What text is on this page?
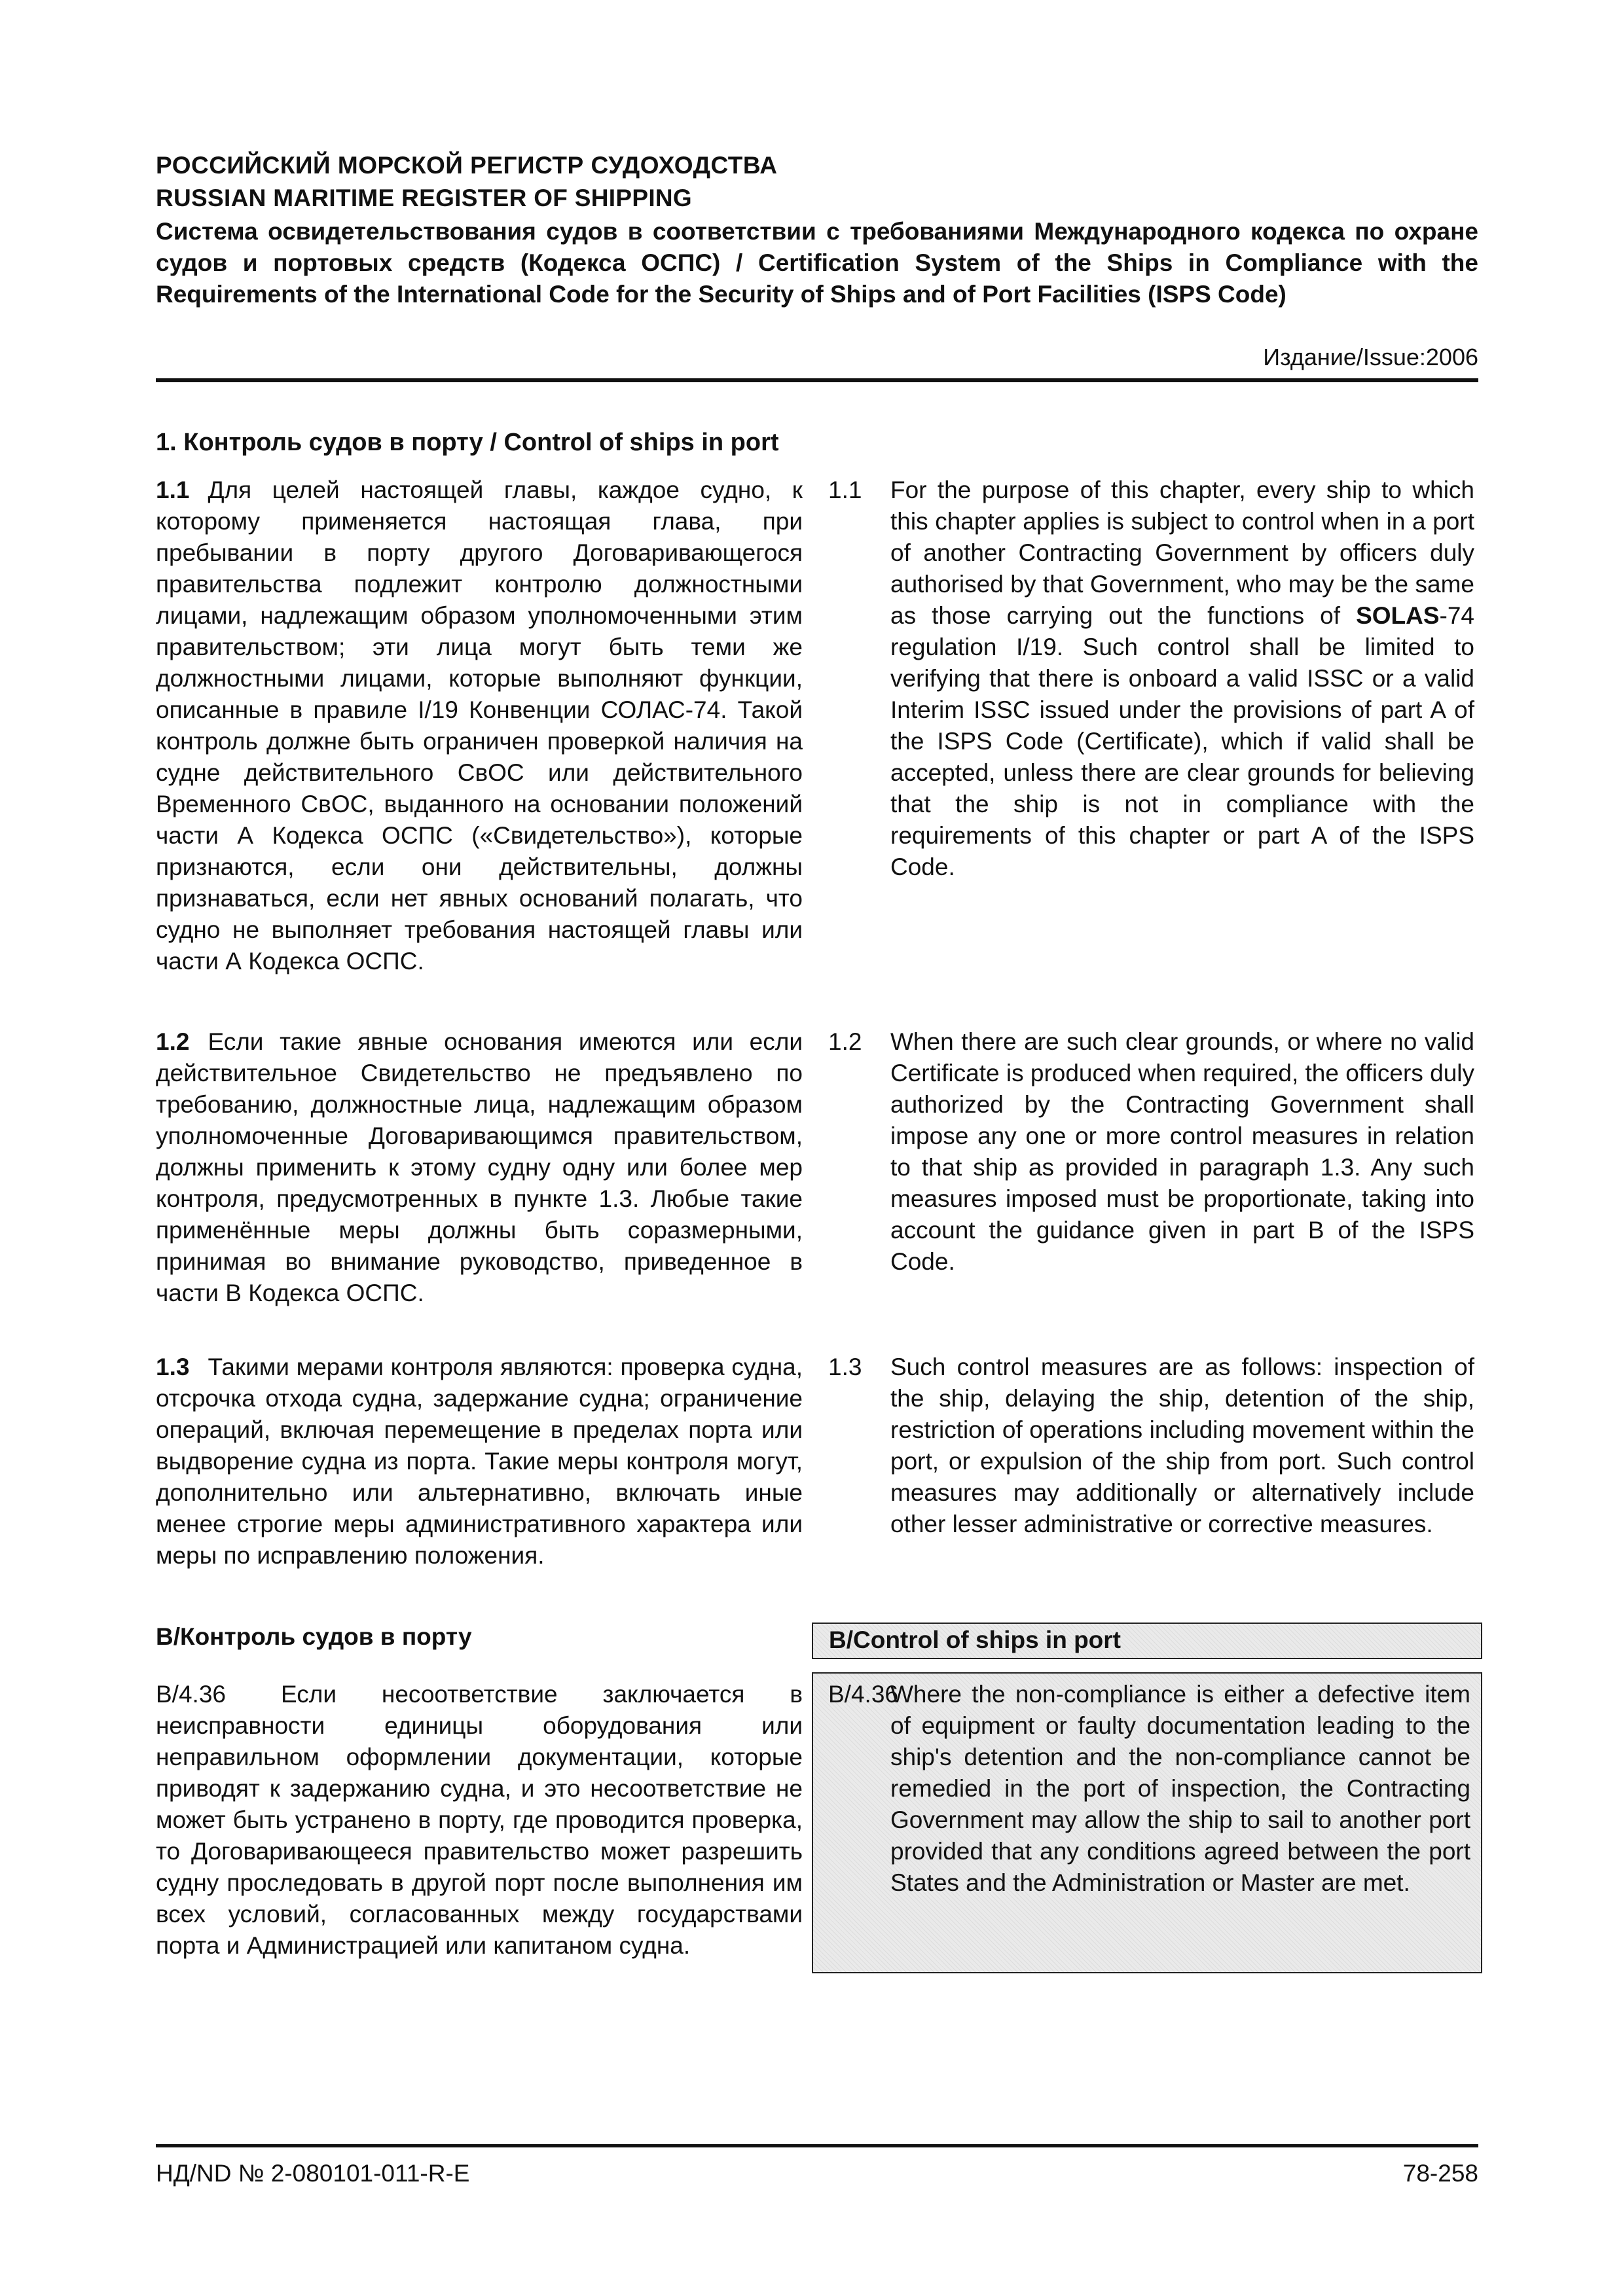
РОССИЙСКИЙ МОРСКОЙ РЕГИСТР СУДОХОДСТВА
RUSSIAN MARITIME REGISTER OF SHIPPING
Система освидетельствования судов в соответствии с требованиями Международного кодекса по охране судов и портовых средств (Кодекса ОСПС) / Certification System of the Ships in Compliance with the Requirements of the International Code for the Security of Ships and of Port Facilities (ISPS Code)
Издание/Issue:2006
1. Контроль судов в порту / Control of ships in port
1.1 Для целей настоящей главы, каждое судно, к которому применяется настоящая глава, при пребывании в порту другого Договаривающегося правительства подлежит контролю должностными лицами, надлежащим образом уполномоченными этим правительством; эти лица могут быть теми же должностными лицами, которые выполняют функции, описанные в правиле I/19 Конвенции СОЛАС-74. Такой контроль должне быть ограничен проверкой наличия на судне действительного СвОС или действительного Временного СвОС, выданного на основании положений части А Кодекса ОСПС («Свидетельство»), которые признаются, если они действительны, должны признаваться, если нет явных оснований полагать, что судно не выполняет требования настоящей главы или части А Кодекса ОСПС.
1.1 For the purpose of this chapter, every ship to which this chapter applies is subject to control when in a port of another Contracting Government by officers duly authorised by that Government, who may be the same as those carrying out the functions of SOLAS-74 regulation I/19. Such control shall be limited to verifying that there is onboard a valid ISSC or a valid Interim ISSC issued under the provisions of part A of the ISPS Code (Certificate), which if valid shall be accepted, unless there are clear grounds for believing that the ship is not in compliance with the requirements of this chapter or part A of the ISPS Code.
1.2 Если такие явные основания имеются или если действительное Свидетельство не предъявлено по требованию, должностные лица, надлежащим образом уполномоченные Договаривающимся правительством, должны применить к этому судну одну или более мер контроля, предусмотренных в пункте 1.3. Любые такие применённые меры должны быть соразмерными, принимая во внимание руководство, приведенное в части В Кодекса ОСПС.
1.2 When there are such clear grounds, or where no valid Certificate is produced when required, the officers duly authorized by the Contracting Government shall impose any one or more control measures in relation to that ship as provided in paragraph 1.3. Any such measures imposed must be proportionate, taking into account the guidance given in part B of the ISPS Code.
1.3 Такими мерами контроля являются: проверка судна, отсрочка отхода судна, задержание судна; ограничение операций, включая перемещение в пределах порта или выдворение судна из порта. Такие меры контроля могут, дополнительно или альтернативно, включать иные менее строгие меры административного характера или меры по исправлению положения.
1.3 Such control measures are as follows: inspection of the ship, delaying the ship, detention of the ship, restriction of operations including movement within the port, or expulsion of the ship from port. Such control measures may additionally or alternatively include other lesser administrative or corrective measures.
В/Контроль судов в порту
В/4.36 Если несоответствие заключается в неисправности единицы оборудования или неправильном оформлении документации, которые приводят к задержанию судна, и это несоответствие не может быть устранено в порту, где проводится проверка, то Договаривающееся правительство может разрешить судну проследовать в другой порт после выполнения им всех условий, согласованных между государствами порта и Администрацией или капитаном судна.
B/Control of ships in port
B/4.36
Where the non-compliance is either a defective item of equipment or faulty documentation leading to the ship's detention and the non-compliance cannot be remedied in the port of inspection, the Contracting Government may allow the ship to sail to another port provided that any conditions agreed between the port States and the Administration or Master are met.
НД/ND № 2-080101-011-R-E	78-258
